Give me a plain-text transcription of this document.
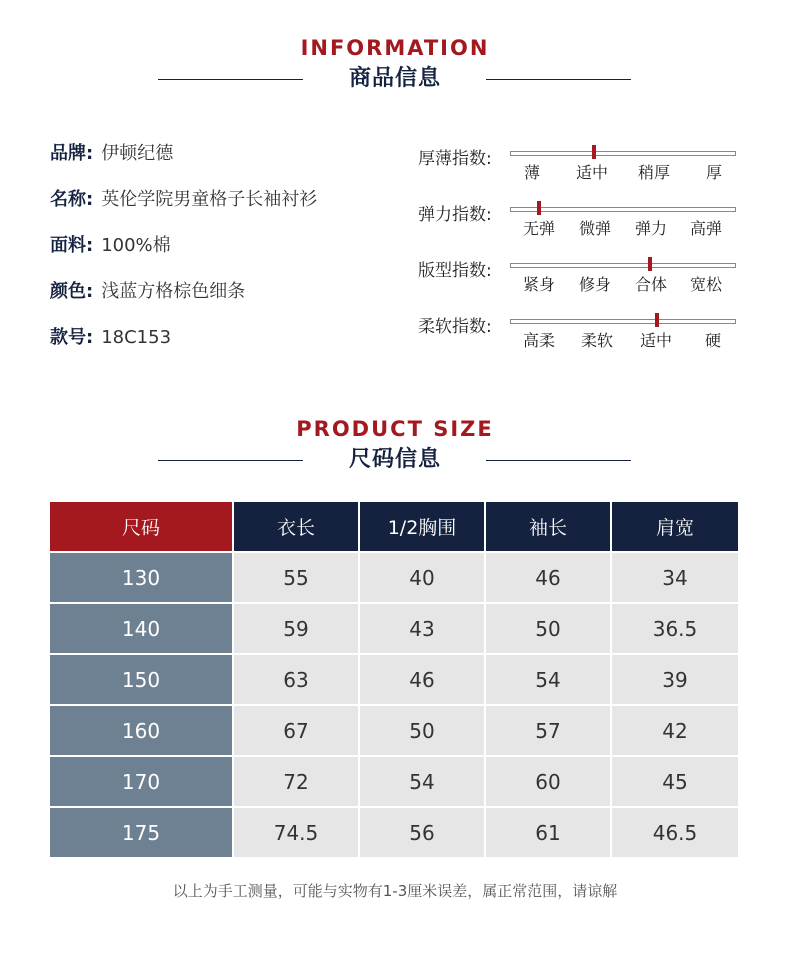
INFORMATION
商品信息
品牌: 伊顿纪德
名称: 英伦学院男童格子长袖衬衫
面料: 100%棉
颜色: 浅蓝方格棕色细条
款号: 18C153
厚薄指数:
薄 适中 稍厚 厚
弹力指数:
无弹 微弹 弹力 高弹
版型指数:
紧身 修身 合体 宽松
柔软指数:
高柔 柔软 适中 硬
PRODUCT SIZE
尺码信息
尺码	衣长	1/2胸围	袖长	肩宽
130	55	40	46	34
140	59	43	50	36.5
150	63	46	54	39
160	67	50	57	42
170	72	54	60	45
175	74.5	56	61	46.5
以上为手工测量，可能与实物有1-3厘米误差，属正常范围，请谅解
